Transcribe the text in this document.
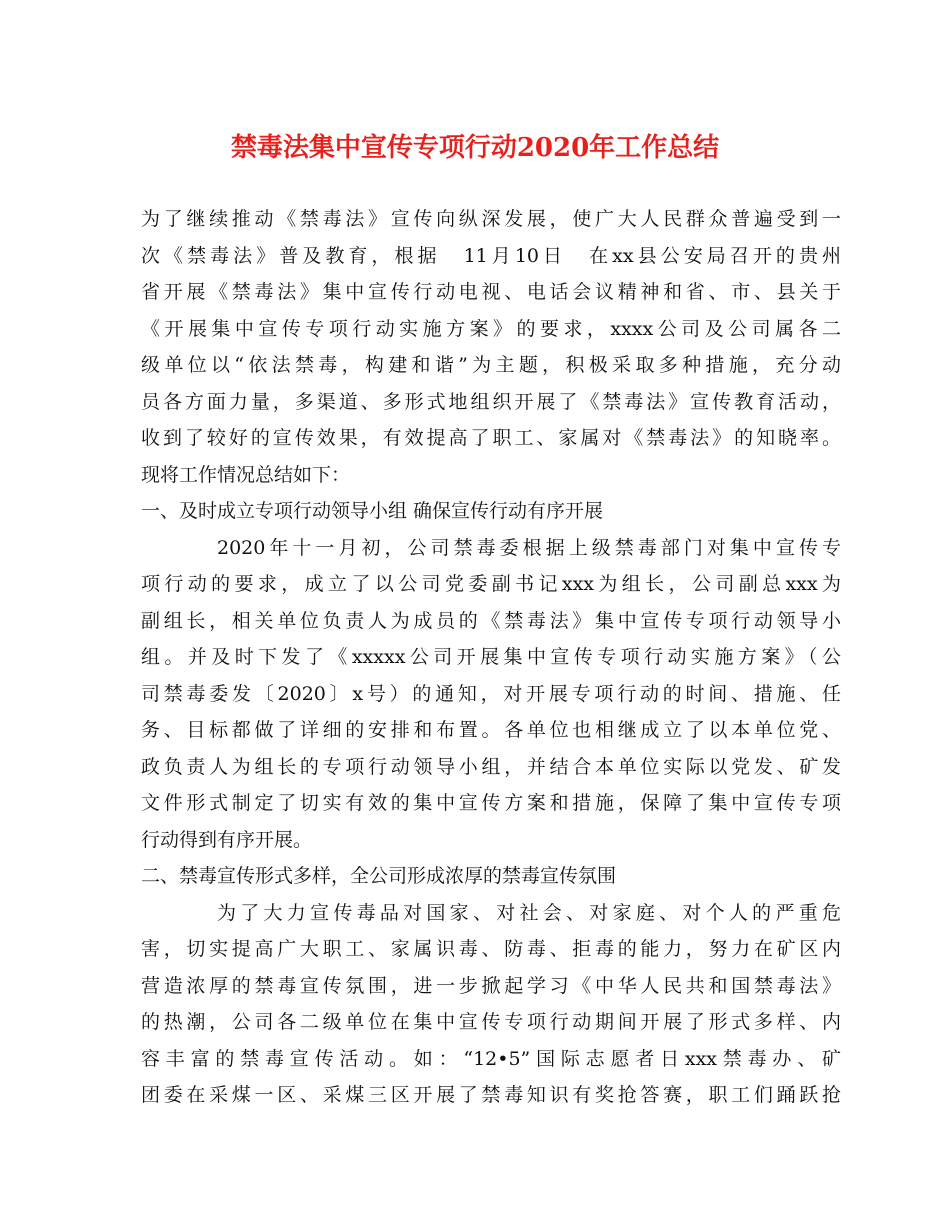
禁毒法集中宣传专项行动2020年工作总结
为了继续推动《禁毒法》宣传向纵深发展，使广大人民群众普遍受到一
次《禁毒法》普及教育，根据　11月10日　在xx县公安局召开的贵州
省开展《禁毒法》集中宣传行动电视、电话会议精神和省、市、县关于
《开展集中宣传专项行动实施方案》的要求，xxxx公司及公司属各二
级单位以“依法禁毒，构建和谐”为主题，积极采取多种措施，充分动
员各方面力量，多渠道、多形式地组织开展了《禁毒法》宣传教育活动，
收到了较好的宣传效果，有效提高了职工、家属对《禁毒法》的知晓率。
现将工作情况总结如下：
一、及时成立专项行动领导小组 确保宣传行动有序开展
2020年十一月初，公司禁毒委根据上级禁毒部门对集中宣传专
项行动的要求，成立了以公司党委副书记xxx为组长，公司副总xxx为
副组长，相关单位负责人为成员的《禁毒法》集中宣传专项行动领导小
组。并及时下发了《xxxxx公司开展集中宣传专项行动实施方案》（公
司禁毒委发〔2020〕x号）的通知，对开展专项行动的时间、措施、任
务、目标都做了详细的安排和布置。各单位也相继成立了以本单位党、
政负责人为组长的专项行动领导小组，并结合本单位实际以党发、矿发
文件形式制定了切实有效的集中宣传方案和措施，保障了集中宣传专项
行动得到有序开展。
二、禁毒宣传形式多样，全公司形成浓厚的禁毒宣传氛围
为了大力宣传毒品对国家、对社会、对家庭、对个人的严重危
害，切实提高广大职工、家属识毒、防毒、拒毒的能力，努力在矿区内
营造浓厚的禁毒宣传氛围，进一步掀起学习《中华人民共和国禁毒法》
的热潮，公司各二级单位在集中宣传专项行动期间开展了形式多样、内
容丰富的禁毒宣传活动。如：“12•5”国际志愿者日xxx禁毒办、矿
团委在采煤一区、采煤三区开展了禁毒知识有奖抢答赛，职工们踊跃抢
